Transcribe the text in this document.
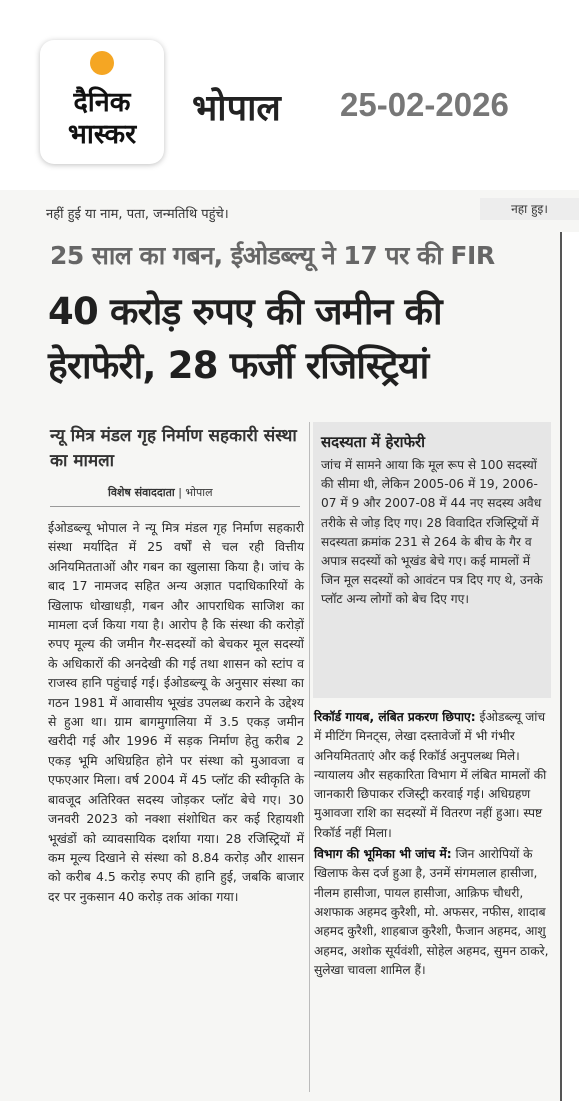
दैनिक
भास्कर
भोपाल 25-02-2026
नहीं हुई या नाम, पता, जन्मतिथि पहुंचे।	नहा हुइ।
25 साल का गबन, ईओडब्ल्यू ने 17 पर की FIR
40 करोड़ रुपए की जमीन की
हेराफेरी, 28 फर्जी रजिस्ट्रियां
न्यू मित्र मंडल गृह निर्माण सहकारी संस्था का मामला
विशेष संवाददाता | भोपाल
ईओडब्ल्यू भोपाल ने न्यू मित्र मंडल गृह निर्माण सहकारी संस्था मर्यादित में 25 वर्षों से चल रही वित्तीय अनियमितताओं और गबन का खुलासा किया है। जांच के बाद 17 नामजद सहित अन्य अज्ञात पदाधिकारियों के खिलाफ धोखाधड़ी, गबन और आपराधिक साजिश का मामला दर्ज किया गया है। आरोप है कि संस्था की करोड़ों रुपए मूल्य की जमीन गैर-सदस्यों को बेचकर मूल सदस्यों के अधिकारों की अनदेखी की गई तथा शासन को स्टांप व राजस्व हानि पहुंचाई गई। ईओडब्ल्यू के अनुसार संस्था का गठन 1981 में आवासीय भूखंड उपलब्ध कराने के उद्देश्य से हुआ था। ग्राम बागमुगालिया में 3.5 एकड़ जमीन खरीदी गई और 1996 में सड़क निर्माण हेतु करीब 2 एकड़ भूमि अधिग्रहित होने पर संस्था को मुआवजा व एफएआर मिला। वर्ष 2004 में 45 प्लॉट की स्वीकृति के बावजूद अतिरिक्त सदस्य जोड़कर प्लॉट बेचे गए। 30 जनवरी 2023 को नक्शा संशोधित कर कई रिहायशी भूखंडों को व्यावसायिक दर्शाया गया। 28 रजिस्ट्रियों में कम मूल्य दिखाने से संस्था को 8.84 करोड़ और शासन को करीब 4.5 करोड़ रुपए की हानि हुई, जबकि बाजार दर पर नुकसान 40 करोड़ तक आंका गया।
सदस्यता में हेराफेरी
जांच में सामने आया कि मूल रूप से 100 सदस्यों की सीमा थी, लेकिन 2005-06 में 19, 2006-07 में 9 और 2007-08 में 44 नए सदस्य अवैध तरीके से जोड़ दिए गए। 28 विवादित रजिस्ट्रियों में सदस्यता क्रमांक 231 से 264 के बीच के गैर व अपात्र सदस्यों को भूखंड बेचे गए। कई मामलों में जिन मूल सदस्यों को आवंटन पत्र दिए गए थे, उनके प्लॉट अन्य लोगों को बेच दिए गए।

रिकॉर्ड गायब, लंबित प्रकरण छिपाए: ईओडब्ल्यू जांच में मीटिंग मिनट्स, लेखा दस्तावेजों में भी गंभीर अनियमितताएं और कई रिकॉर्ड अनुपलब्ध मिले। न्यायालय और सहकारिता विभाग में लंबित मामलों की जानकारी छिपाकर रजिस्ट्री करवाई गई। अधिग्रहण मुआवजा राशि का सदस्यों में वितरण नहीं हुआ। स्पष्ट रिकॉर्ड नहीं मिला।

विभाग की भूमिका भी जांच में: जिन आरोपियों के खिलाफ केस दर्ज हुआ है, उनमें संगमलाल हासीजा, नीलम हासीजा, पायल हासीजा, आक़िफ चौधरी, अशफाक अहमद कुरैशी, मो. अफसर, नफीस, शादाब अहमद कुरैशी, शाहबाज कुरैशी, फैजान अहमद, आशु अहमद, अशोक सूर्यवंशी, सोहेल अहमद, सुमन ठाकरे, सुलेखा चावला शामिल हैं।
